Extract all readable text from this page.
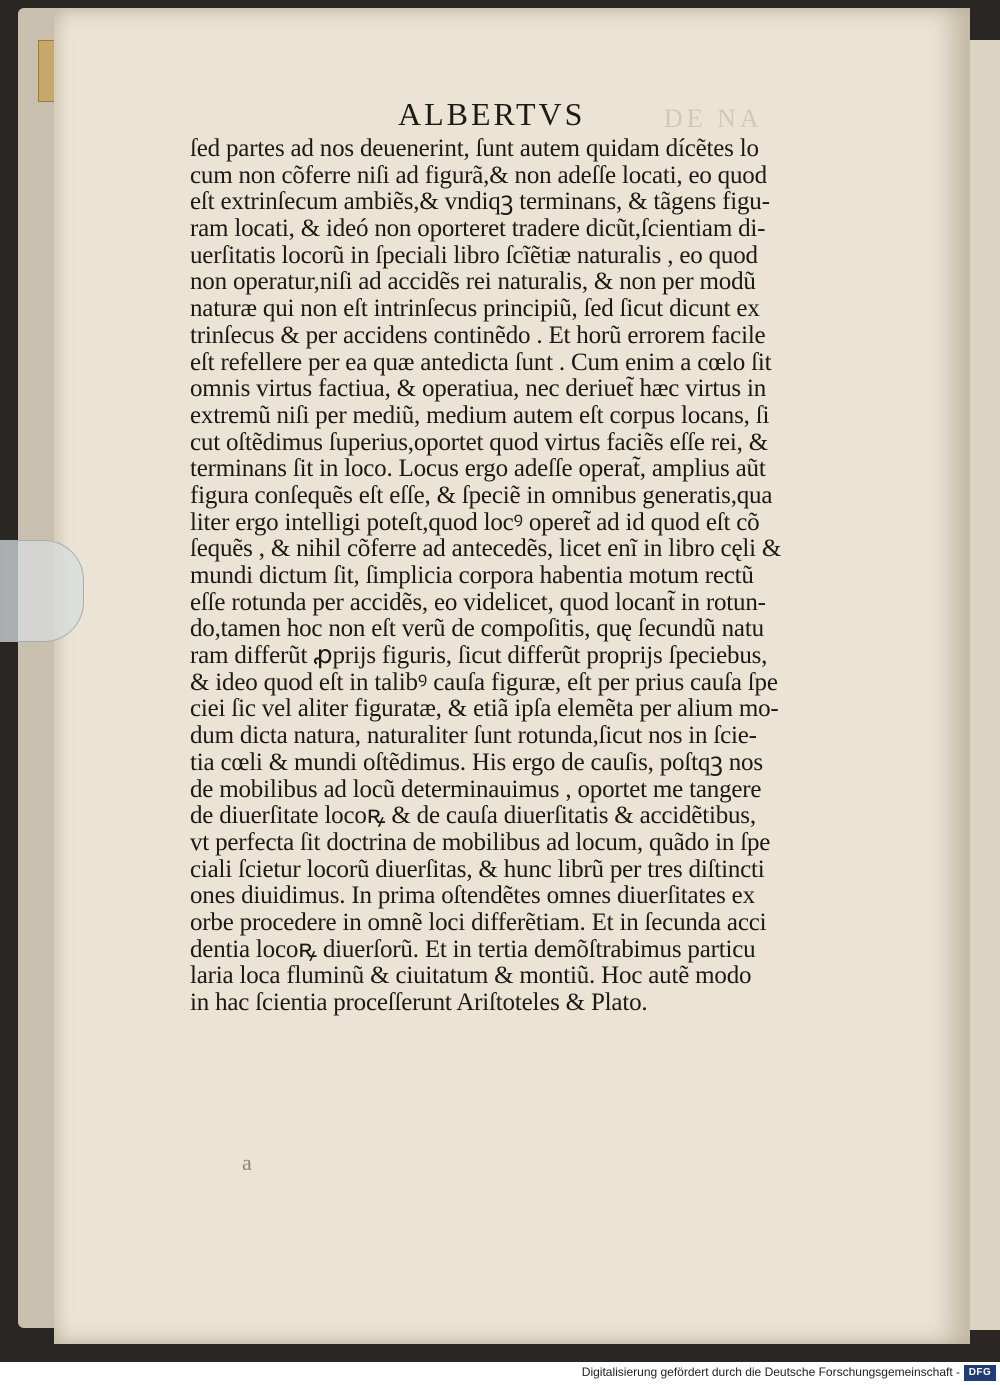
DE NA
ALBERTVS
ſed partes ad nos deuenerint, ſunt autem quidam dícẽtes lo
cum non cõferre niſi ad figurã,& non adeſſe locati, eo quod
eſt extrinſecum ambiẽs,& vndiqꝫ terminans, & tãgens figu-
ram locati, & ideó non oporteret tradere dicũt,ſcientiam di-
uerſitatis locorũ in ſpeciali libro ſcĩẽtiæ naturalis , eo quod
non operatur,niſi ad accidẽs rei naturalis, & non per modũ
naturæ qui non eſt intrinſecus principiũ, ſed ſicut dicunt ex
trinſecus & per accidens continẽdo . Et horũ errorem facile
eſt refellere per ea quæ antedicta ſunt . Cum enim a cœlo ſit
omnis virtus factiua, & operatiua, nec deriuet̃ hæc virtus in
extremũ niſi per mediũ, medium autem eſt corpus locans, ſi
cut oſtẽdimus ſuperius,oportet quod virtus faciẽs eſſe rei, &
terminans ſit in loco. Locus ergo adeſſe operat̃, amplius aũt
figura conſequẽs eſt eſſe, & ſpeciẽ in omnibus generatis,qua
liter ergo intelligi poteſt,quod locꝰ operet̃ ad id quod eſt cõ
ſequẽs , & nihil cõferre ad antecedẽs, licet enĩ in libro cęli &
mundi dictum ſit, ſimplicia corpora habentia motum rectũ
eſſe rotunda per accidẽs, eo videlicet, quod locant̃ in rotun-
do,tamen hoc non eſt verũ de compoſitis, quę ſecundũ natu
ram differũt ꝓprijs figuris, ſicut differũt proprijs ſpeciebus,
& ideo quod eſt in talibꝰ cauſa figuræ, eſt per prius cauſa ſpe
ciei ſic vel aliter figuratæ, & etiã ipſa elemẽta per alium mo-
dum dicta natura, naturaliter ſunt rotunda,ſicut nos in ſcie-
tia cœli & mundi oſtẽdimus. His ergo de cauſis, poſtqꝫ nos
de mobilibus ad locũ determinauimus , oportet me tangere
de diuerſitate locoꝶ & de cauſa diuerſitatis & accidẽtibus,
vt perfecta ſit doctrina de mobilibus ad locum, quãdo in ſpe
ciali ſcietur locorũ diuerſitas, & hunc librũ per tres diſtincti
ones diuidimus. In prima oſtendẽtes omnes diuerſitates ex
orbe procedere in omnẽ loci differẽtiam. Et in ſecunda acci
dentia locoꝶ diuerſorũ. Et in tertia demõſtrabimus particu
laria loca fluminũ & ciuitatum & montiũ. Hoc autẽ modo
in hac ſcientia proceſſerunt Ariſtoteles & Plato.
a
Digitalisierung gefördert durch die Deutsche Forschungsgemeinschaft - DFG
